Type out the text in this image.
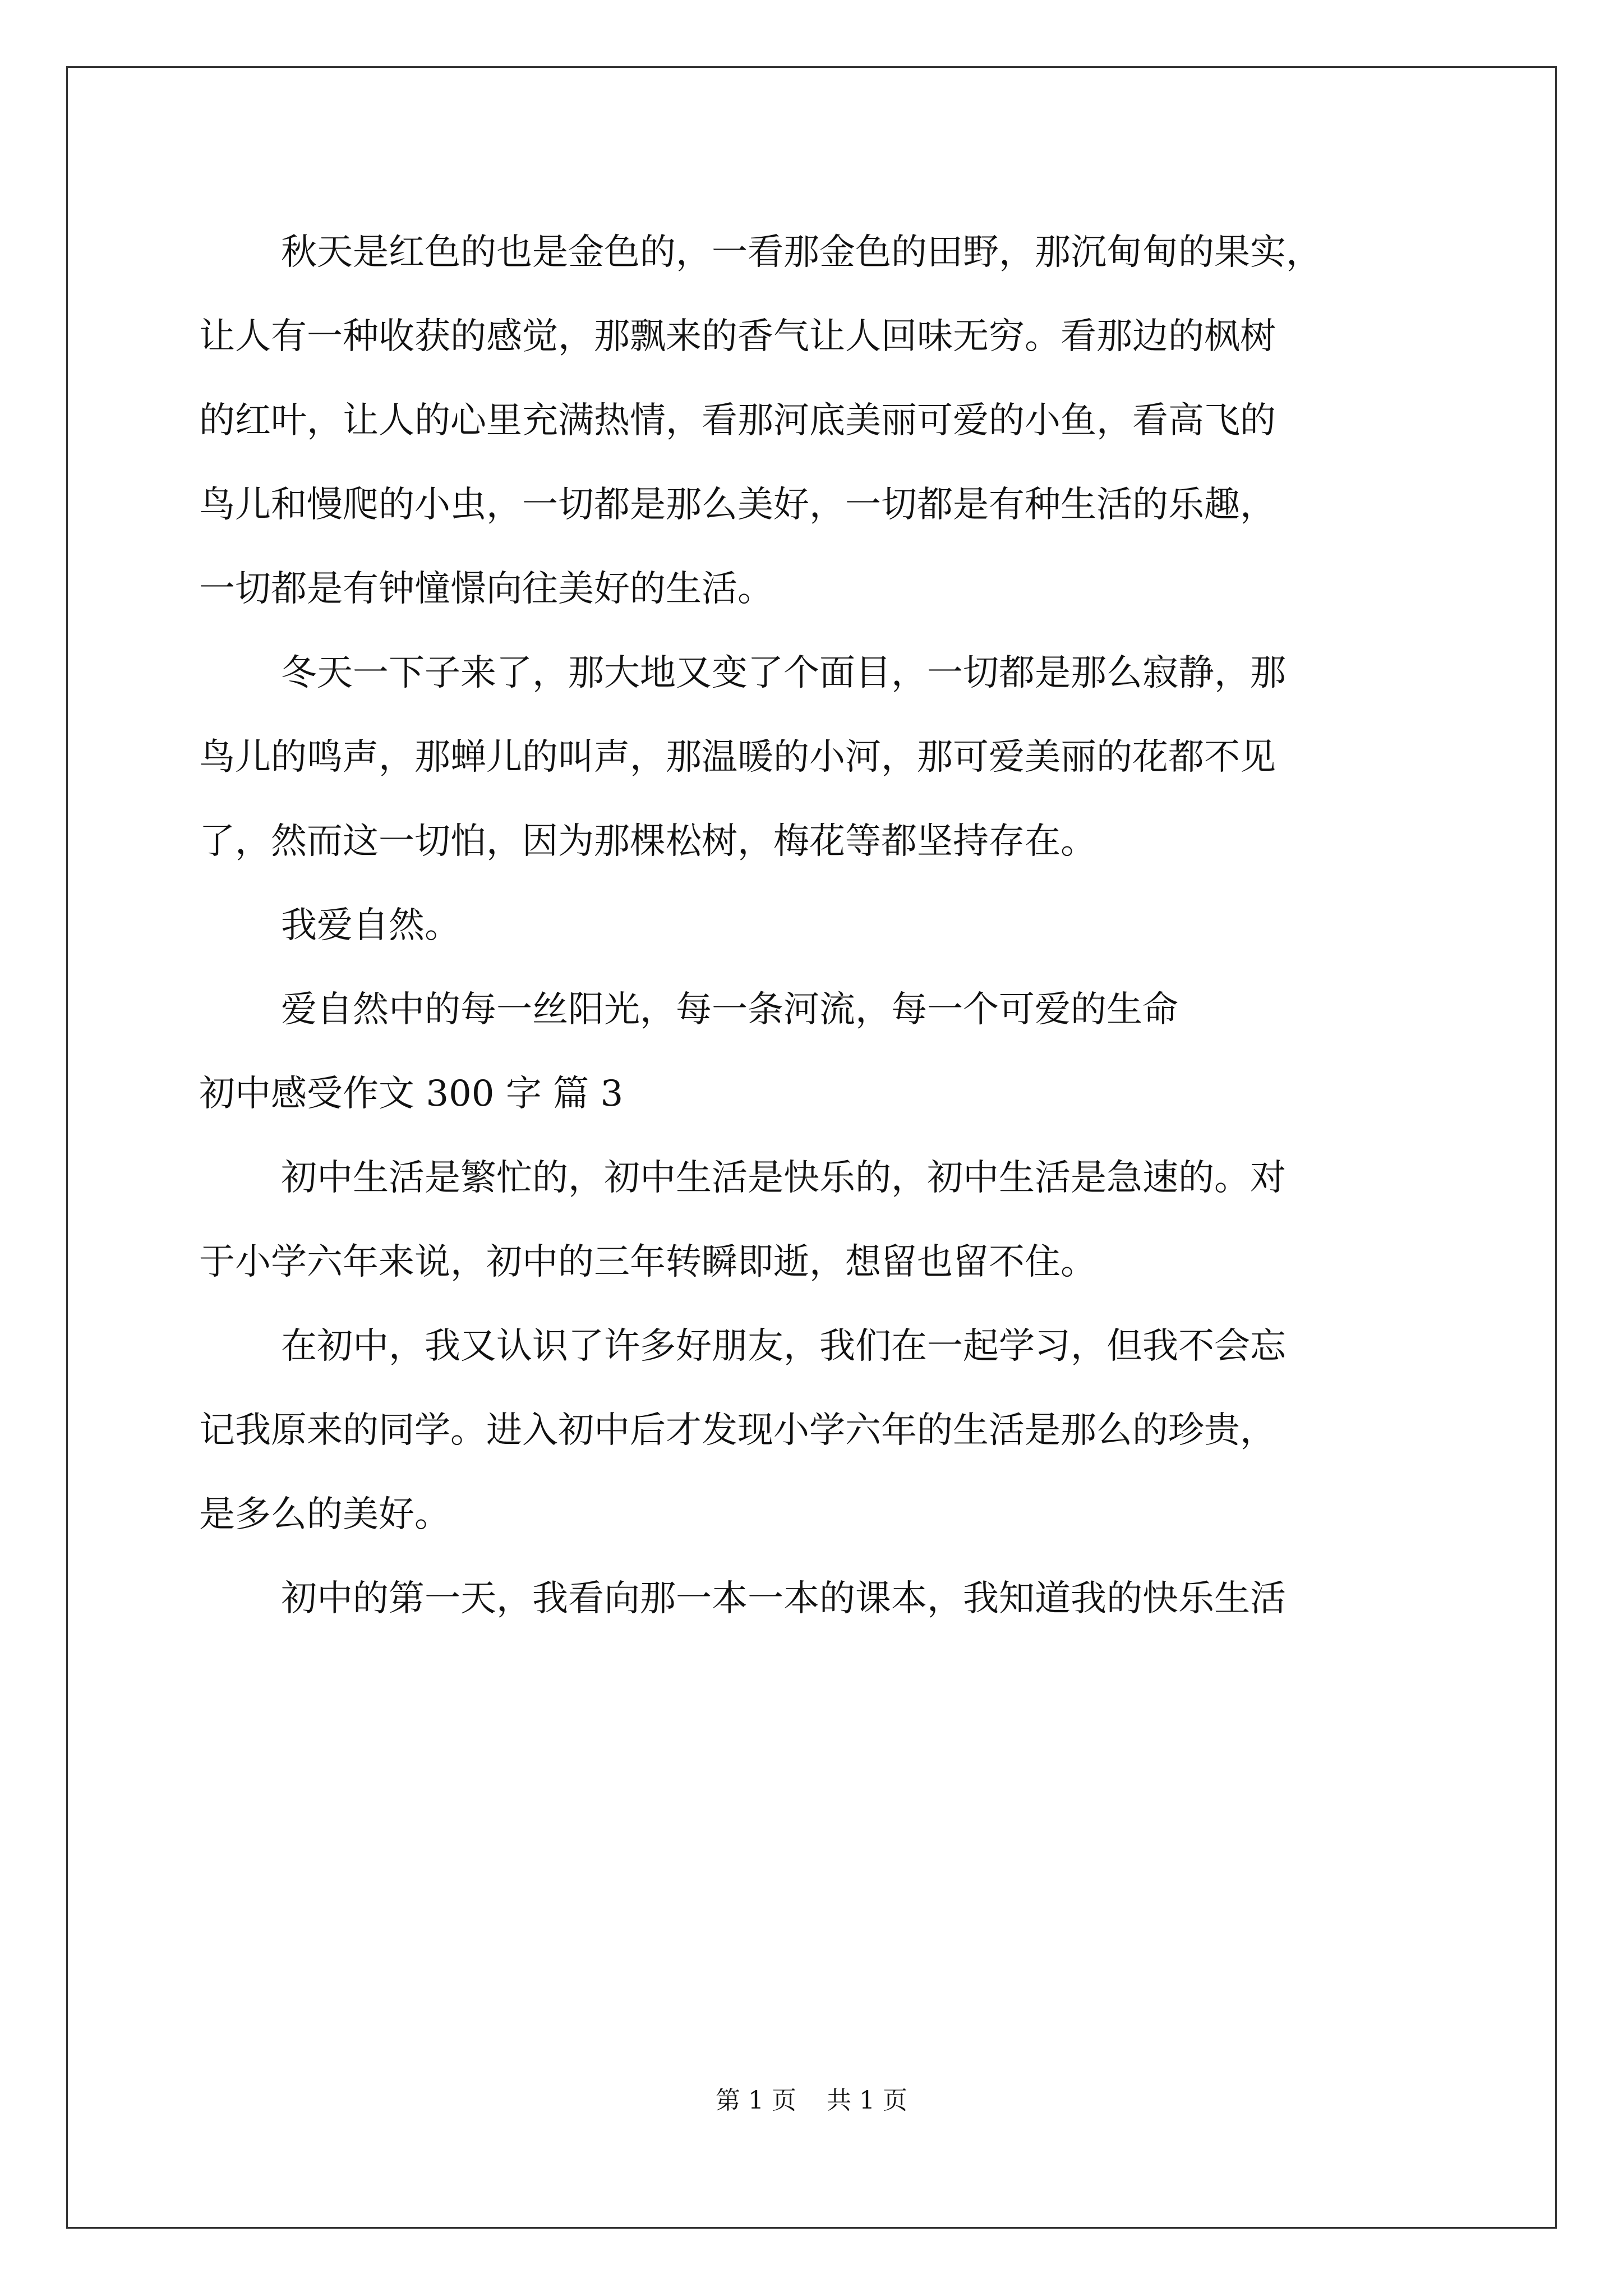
秋天是红色的也是金色的，一看那金色的田野，那沉甸甸的果实，

让人有一种收获的感觉，那飘来的香气让人回味无穷。看那边的枫树

的红叶，让人的心里充满热情，看那河底美丽可爱的小鱼，看高飞的

鸟儿和慢爬的小虫，一切都是那么美好，一切都是有种生活的乐趣，

一切都是有钟憧憬向往美好的生活。

冬天一下子来了，那大地又变了个面目，一切都是那么寂静，那

鸟儿的鸣声，那蝉儿的叫声，那温暖的小河，那可爱美丽的花都不见

了，然而这一切怕，因为那棵松树，梅花等都坚持存在。

我爱自然。

爱自然中的每一丝阳光，每一条河流，每一个可爱的生命

初中感受作文 300 字 篇 3

初中生活是繁忙的，初中生活是快乐的，初中生活是急速的。对

于小学六年来说，初中的三年转瞬即逝，想留也留不住。

在初中，我又认识了许多好朋友，我们在一起学习，但我不会忘

记我原来的同学。进入初中后才发现小学六年的生活是那么的珍贵，

是多么的美好。

初中的第一天，我看向那一本一本的课本，我知道我的快乐生活

第 1 页 共 1 页
